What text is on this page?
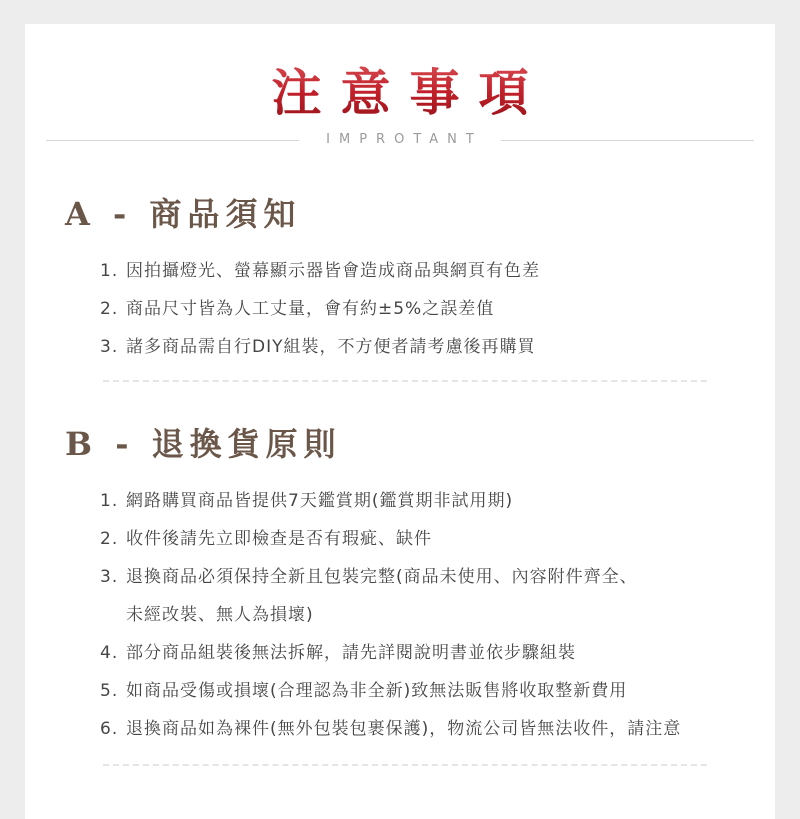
注意事項
IMPROTANT
A - 商品須知
1. 因拍攝燈光、螢幕顯示器皆會造成商品與網頁有色差
2. 商品尺寸皆為人工丈量，會有約±5%之誤差值
3. 諸多商品需自行DIY組裝，不方便者請考慮後再購買
B - 退換貨原則
1. 網路購買商品皆提供7天鑑賞期(鑑賞期非試用期)
2. 收件後請先立即檢查是否有瑕疵、缺件
3. 退換商品必須保持全新且包裝完整(商品未使用、內容附件齊全、
未經改裝、無人為損壞)
4. 部分商品組裝後無法拆解，請先詳閱說明書並依步驟組裝
5. 如商品受傷或損壞(合理認為非全新)致無法販售將收取整新費用
6. 退換商品如為裸件(無外包裝包裹保護)，物流公司皆無法收件，請注意
